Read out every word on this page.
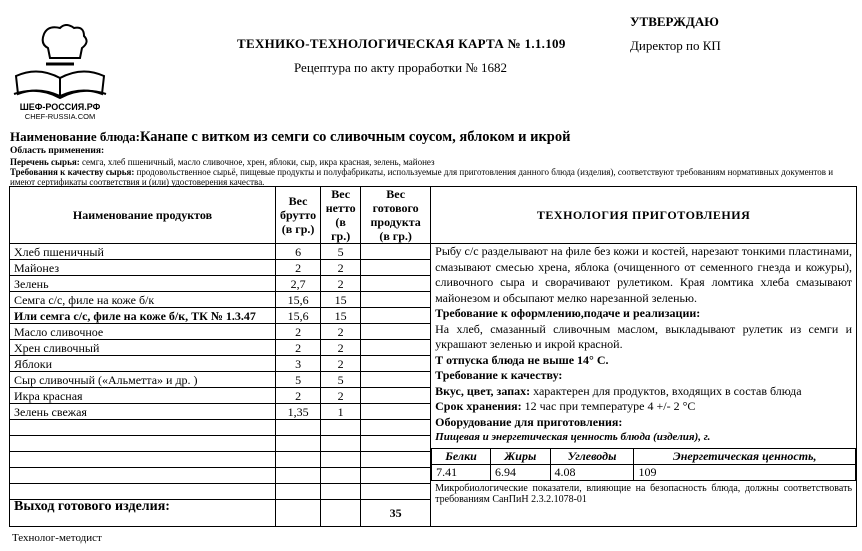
ШЕФ-РОССИЯ.РФ
CHEF-RUSSIA.COM
ТЕХНИКО-ТЕХНОЛОГИЧЕСКАЯ КАРТА № 1.1.109
Рецептура по акту проработки № 1682
УТВЕРЖДАЮ
Директор по КП
Наименование блюда:Канапе с витком из семги со сливочным соусом, яблоком и икрой
Область применения:
Перечень сырья: семга, хлеб пшеничный, масло сливочное, хрен, яблоки, сыр, икра красная, зелень, майонез
Требования к качеству сырья: продовольственное сырьё, пищевые продукты и полуфабрикаты, используемые для приготовления данного блюда (изделия), соответствуют требованиям нормативных документов и имеют сертификаты соответствия и (или) удостоверения качества.
Наименование продуктов	Вес брутто (в гр.)	Вес нетто (в гр.)	Вес готового продукта (в гр.)	ТЕХНОЛОГИЯ ПРИГОТОВЛЕНИЯ
Хлеб пшеничный	6	5		Рыбу с/с разделывают на филе без кожи и костей, нарезают тонкими пластинами, смазывают смесью хрена, яблока (очищенного от семенного гнезда и кожуры), сливочного сыра и сворачивают рулетиком. Края ломтика хлеба смазывают майонезом и обсыпают мелко нарезанной зеленью.

Требование к оформлению,подаче и реализации:

На хлеб, смазанный сливочным маслом, выкладывают рулетик из семги и украшают зеленью и икрой красной.

Т отпуска блюда не выше 14° С.

Требование к качеству:

Вкус, цвет, запах: характерен для продуктов, входящих в состав блюда

Срок хранения: 12 час при температуре 4 +/- 2 °С

Оборудование для приготовления:

Пищевая и энергетическая ценность блюда (изделия), г.

Белки	Жиры	Углеводы	Энергетическая ценность,
7.41	6.94	4.08	109

Микробиологические показатели, влияющие на безопасность блюда, должны соответствовать требованиям СанПиН 2.3.2.1078-01

Майонез	2	2	
Зелень	2,7	2	
Семга с/с, филе на коже б/к	15,6	15	
Или семга с/с, филе на коже б/к, ТК № 1.3.47	15,6	15	
Масло сливочное	2	2	
Хрен сливочный	2	2	
Яблоки	3	2	
Сыр сливочный («Альметта» и др. )	5	5	
Икра красная	2	2	
Зелень свежая	1,35	1	

Выход готового изделия:			35
Технолог-методист
